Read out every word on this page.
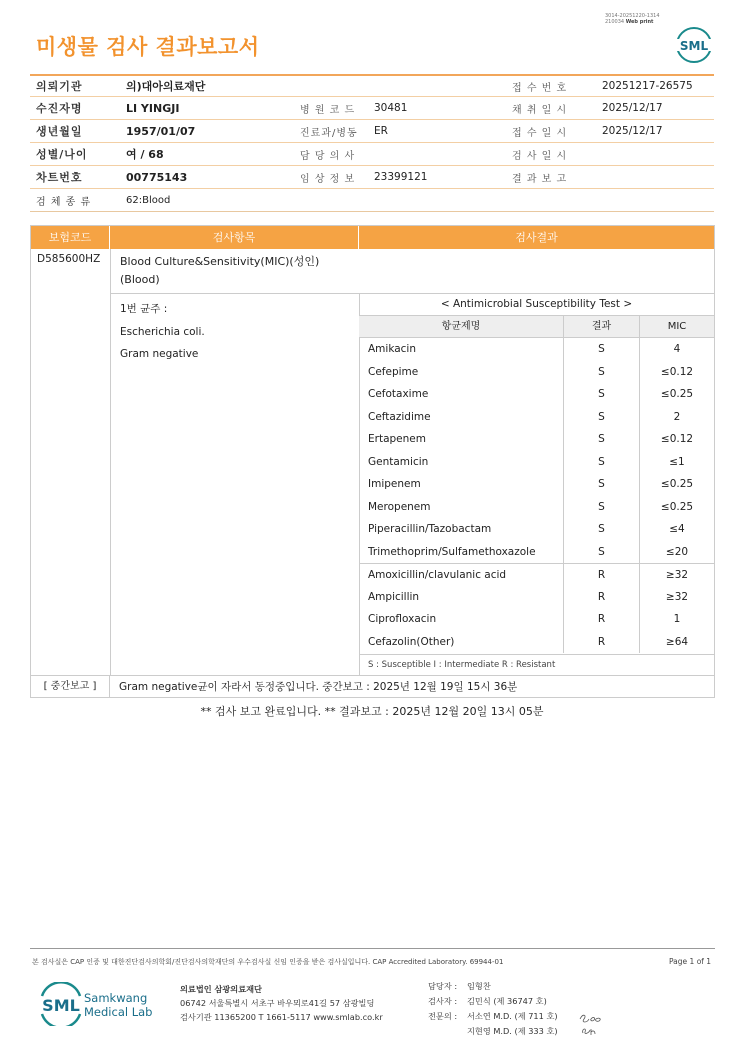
미생물 검사 결과보고서
3014-20251220-1314
210034 Web print
SML
의뢰기관	의)대아의료재단	접 수 번 호	20251217-26575
수진자명	LI YINGJI	병 원 코 드	30481	채 취 일 시	2025/12/17
생년월일	1957/01/07	진료과/병동	ER	접 수 일 시	2025/12/17
성별/나이	여 / 68	담 당 의 사	검 사 일 시
차트번호	00775143	임 상 정 보	23399121	결 과 보 고
검 체 종 류	62:Blood
보험코드	검사항목	검사결과
D585600HZ Blood Culture&Sensitivity(MIC)(성인)
(Blood)
1번 균주 :
Escherichia coli.
Gram negative
< Antimicrobial Susceptibility Test >
항균제명	결과	MIC
Amikacin	S	4
Cefepime	S	≤0.12
Cefotaxime	S	≤0.25
Ceftazidime	S	2
Ertapenem	S	≤0.12
Gentamicin	S	≤1
Imipenem	S	≤0.25
Meropenem	S	≤0.25
Piperacillin/Tazobactam	S	≤4
Trimethoprim/Sulfamethoxazole	S	≤20
Amoxicillin/clavulanic acid	R	≥32
Ampicillin	R	≥32
Ciprofloxacin	R	1
Cefazolin(Other)	R	≥64
S : Susceptible I : Intermediate R : Resistant
[ 중간보고 ]	Gram negative균이 자라서 동정중입니다. 중간보고 : 2025년 12월 19일 15시 36분
** 검사 보고 완료입니다. ** 결과보고 : 2025년 12월 20일 13시 05분
본 검사실은 CAP 인증 및 대한진단검사의학회/진단검사의학재단의 우수검사실 신임 인증을 받은 검사실입니다. CAP Accredited Laboratory. 69944-01	Page 1 of 1
SML Samkwang
Medical Lab
의료법인 삼광의료재단
06742 서울특별시 서초구 바우뫼로41길 57 삼광빌딩
검사기관 11365200 T 1661-5117 www.smlab.co.kr
담당자 : 임형찬
검사자 : 김민식 (제 36747 호)
전문의 : 서소연 M.D. (제 711 호)
지현영 M.D. (제 333 호)
